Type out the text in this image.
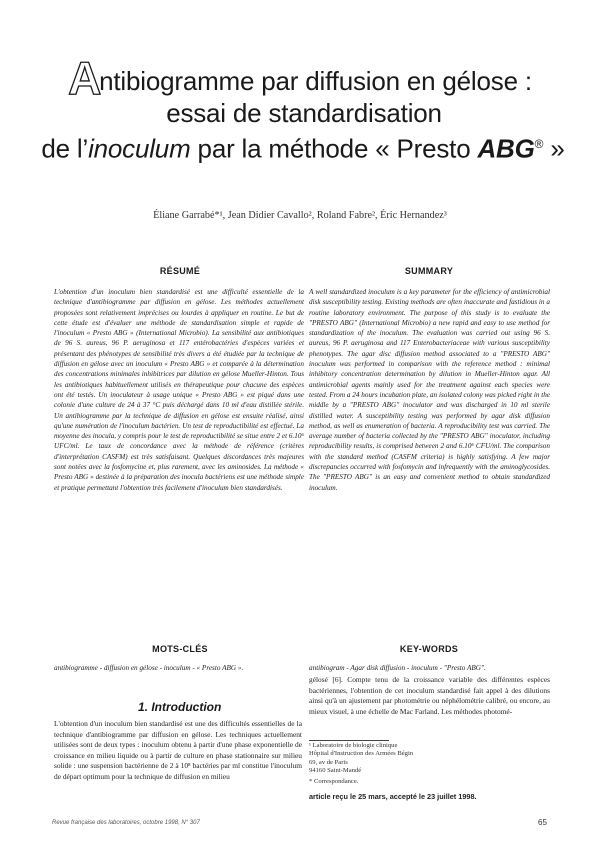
Antibiogramme par diffusion en gélose :
essai de standardisation
de l’inoculum par la méthode « Presto ABG® »
Éliane Garrabé*¹, Jean Didier Cavallo², Roland Fabre², Éric Hernandez³
RÉSUMÉ	SUMMARY

L'obtention d'un inoculum bien standardisé est une difficulté essentielle de la technique d'antibiogramme par diffusion en gélose. Les méthodes actuellement proposées sont relativement imprécises ou lourdes à appliquer en routine. Le but de cette étude est d'évaluer une méthode de standardisation simple et rapide de l'inoculum « Presto ABG » (International Microbio). La sensibilité aux antibiotiques de 96 S. aureus, 96 P. aeruginosa et 117 entérobactéries d'espèces variées et présentant des phénotypes de sensibilité très divers a été étudiée par la technique de diffusion en gélose avec un inoculum « Presto ABG » et comparée à la détermination des concentrations minimales inhibitrices par dilution en gélose Mueller-Hinton. Tous les antibiotiques habituellement utilisés en thérapeutique pour chacune des espèces ont été testés. Un inoculateur à usage unique « Presto ABG » est piqué dans une colonie d'une culture de 24 à 37 °C puis déchargé dans 10 ml d'eau distillée stérile. Un antibiogramme par la technique de diffusion en gélose est ensuite réalisé, ainsi qu'une numération de l'inoculum bactérien. Un test de reproductibilité est effectué. La moyenne des inocula, y compris pour le test de reproductibilité se situe entre 2 et 6.10⁶ UFC/ml. Le taux de concordance avec la méthode de référence (critères d'interprétation CASFM) est très satisfaisant. Quelques discordances très majeures sont notées avec la fosfomycine et, plus rarement, avec les aminosides. La méthode « Presto ABG » destinée à la préparation des inocula bactériens est une méthode simple et pratique permettant l'obtention très facilement d'inoculum bien standardisés.

A well standardized inoculum is a key parameter for the efficiency of antimicrobial disk susceptibility testing. Existing methods are often inaccurate and fastidious in a routine laboratory environment. The purpose of this study is to evaluate the "PRESTO ABG" (International Microbio) a new rapid and easy to use method for standardization of the inoculum. The evaluation was carried out using 96 S. aureus, 96 P. aeruginosa and 117 Enterobacteriaceae with various susceptibility phenotypes. The agar disc diffusion method associated to a "PRESTO ABG" inoculum was performed in comparison with the reference method : minimal inhibitory concentration determination by dilution in Mueller-Hinton agar. All antimicrobial agents mainly used for the treatment against each species were tested. From a 24 hours incubation plate, an isolated colony was picked right in the middle by a "PRESTO ABG" inoculator and was discharged in 10 ml sterile distilled water. A susceptibility testing was performed by agar disk diffusion method, as well as enumeration of bacteria. A reproducibility test was carried. The average number of bacteria collected by the "PRESTO ABG" inoculator, including reproducibility results, is comprised between 2 and 6.10⁶ CFU/ml. The comparison with the standard method (CASFM criteria) is highly satisfying. A few major discrepancies occurred with fosfomycin and infrequently with the aminoglycosides. The "PRESTO ABG" is an easy and convenient method to obtain standardized inoculum.

MOTS-CLÉS	KEY-WORDS

antibiogramme - diffusion en gélose - inoculum - « Presto ABG ».	antibiogram - Agar disk diffusion - inoculum - "Presto ABG".

1. Introduction

L'obtention d'un inoculum bien standardisé est une des difficultés essentielles de la technique d'antibiogramme par diffusion en gélose. Les techniques actuellement utilisées sont de deux types : inoculum obtenu à partir d'une phase exponentielle de croissance en milieu liquide ou à partir de culture en phase stationnaire sur milieu solide : une suspension bactérienne de 2 à 10⁸ bactéries par ml constitue l'inoculum de départ optimum pour la technique de diffusion en milieu

gélosé [6]. Compte tenu de la croissance variable des différentes espèces bactériennes, l'obtention de cet inoculum standardisé fait appel à des dilutions ainsi qu'à un ajustement par photométrie ou néphélométrie calibré, ou encore, au mieux visuel, à une échelle de Mac Farland. Les méthodes photomé-

¹ Laboratoire de biologie clinique
Hôpital d'Instruction des Armées Bégin
69, av de Paris
94160 Saint-Mandé
* Correspondance.
article reçu le 25 mars, accepté le 23 juillet 1998.
Revue française des laboratoires, octobre 1998, N° 307	65
